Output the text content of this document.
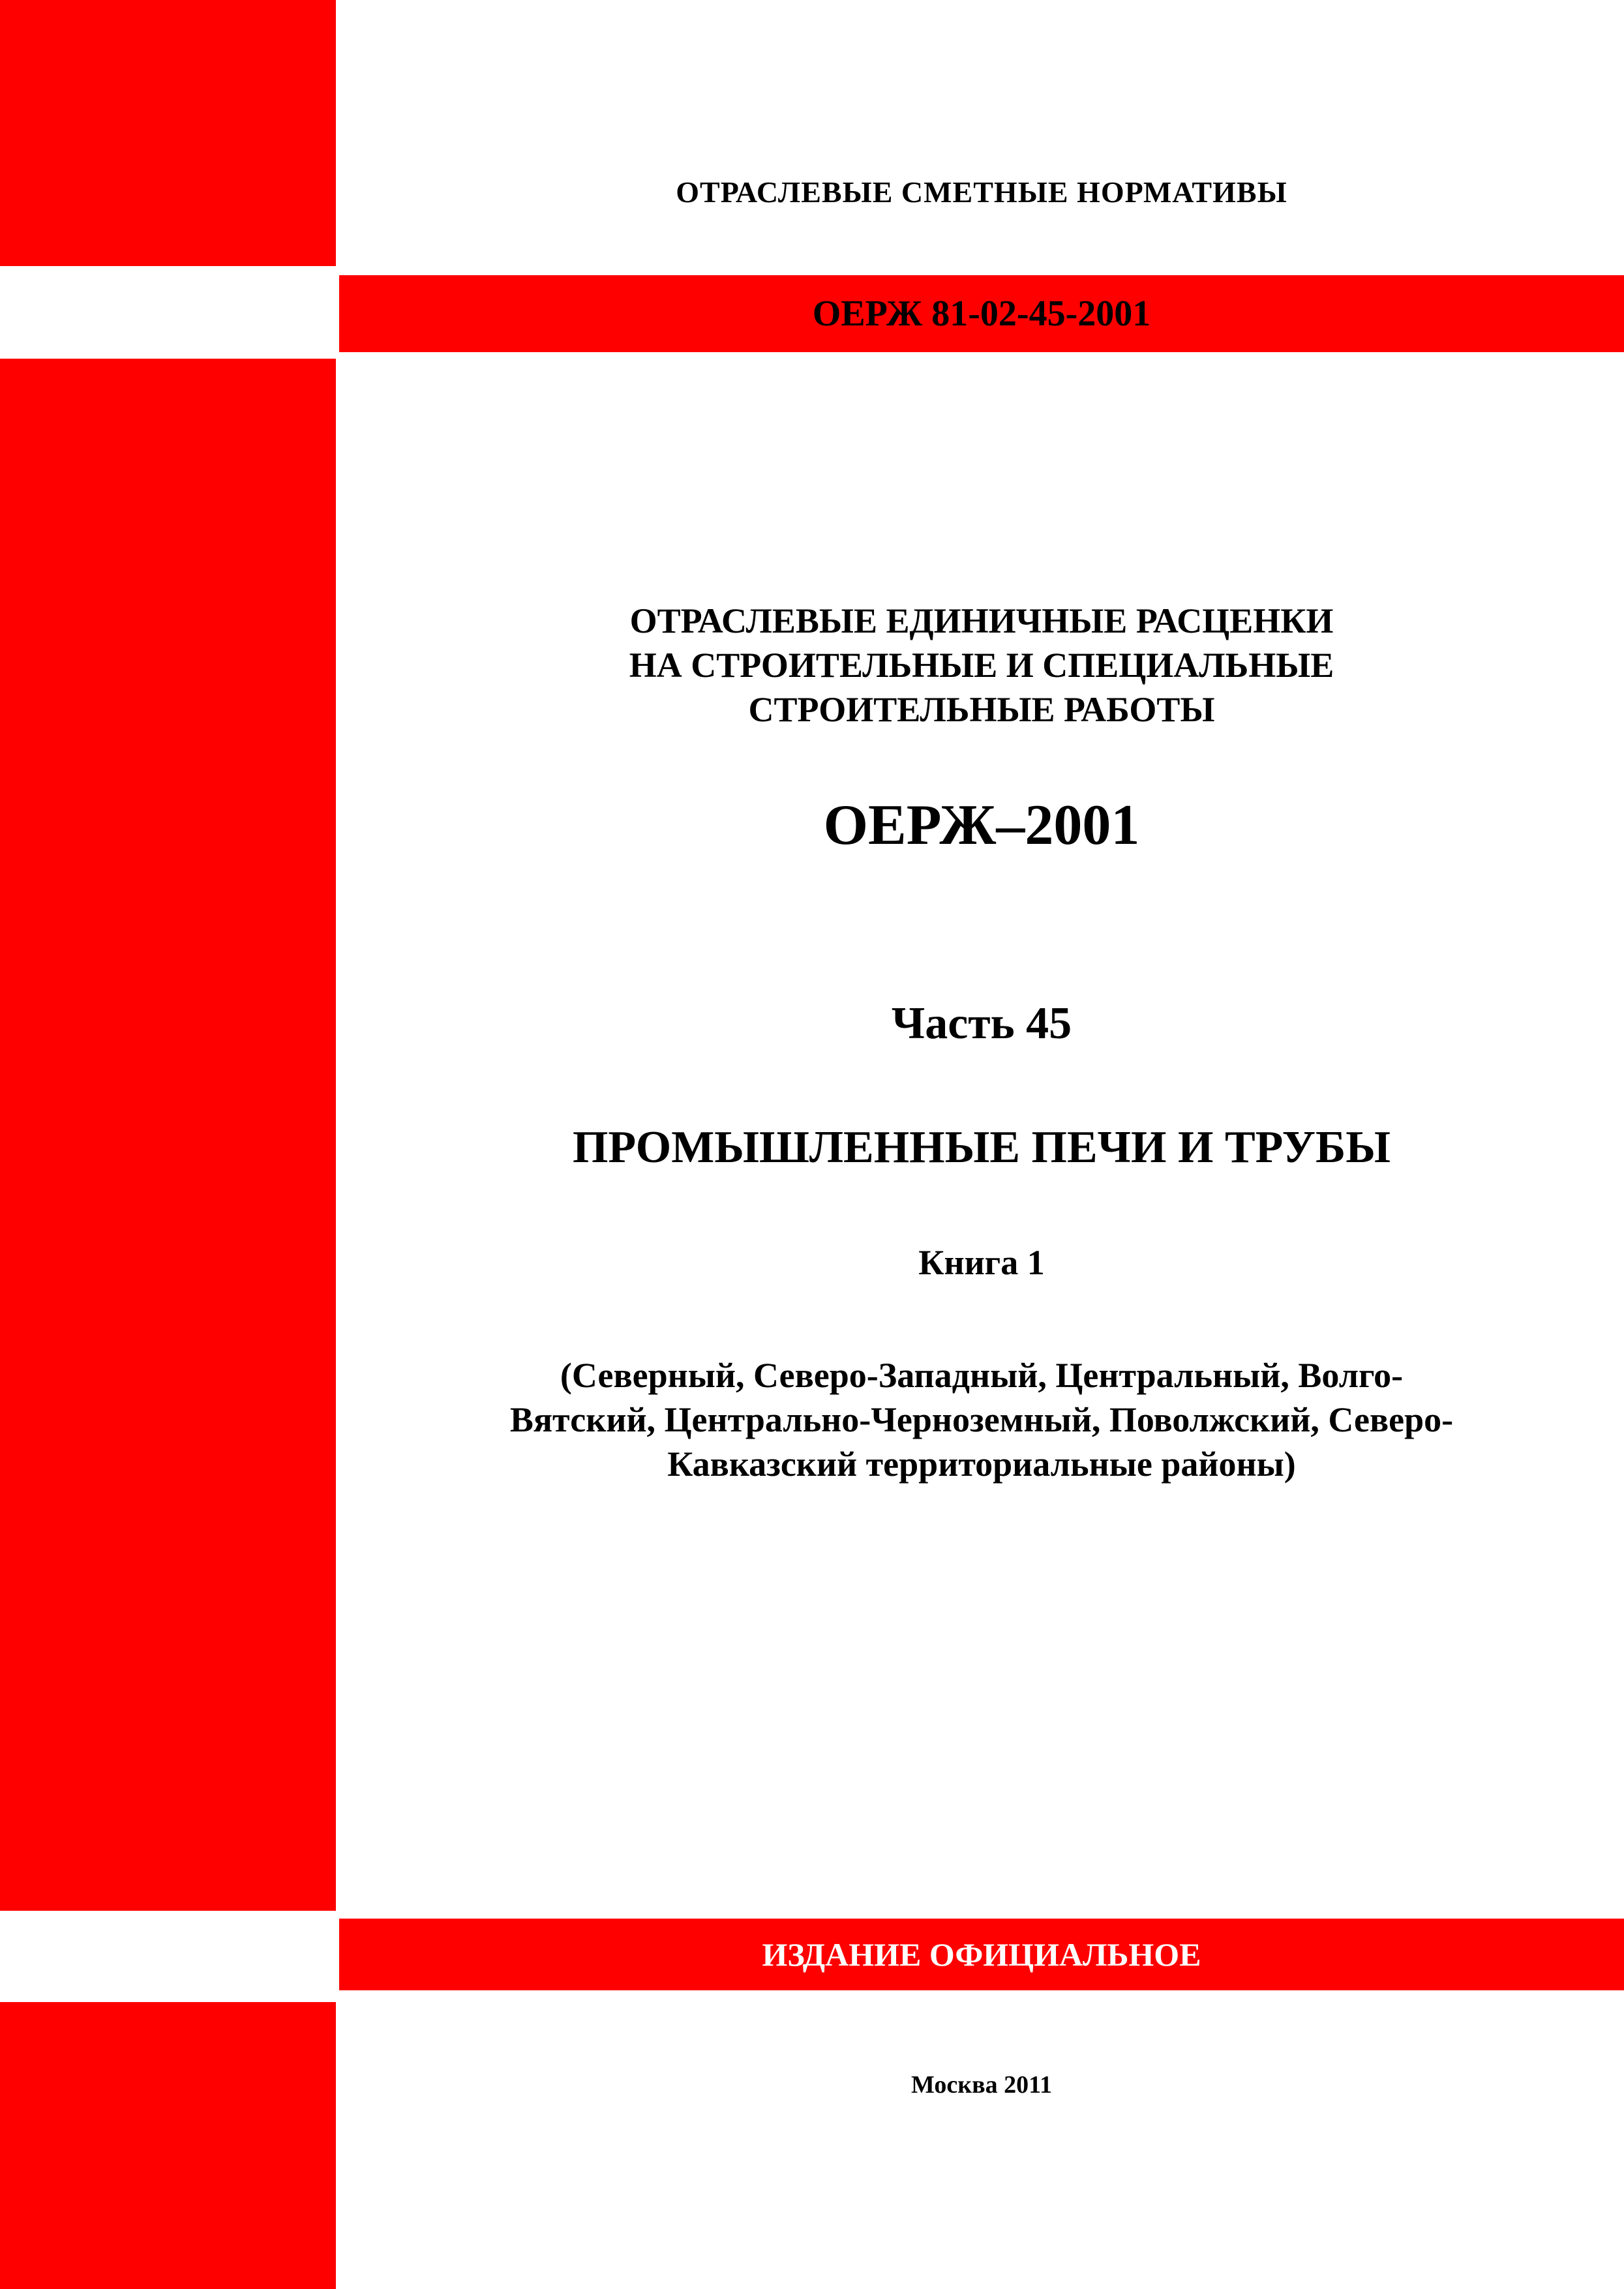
ОТРАСЛЕВЫЕ СМЕТНЫЕ НОРМАТИВЫ
ОЕРЖ 81-02-45-2001
ОТРАСЛЕВЫЕ ЕДИНИЧНЫЕ РАСЦЕНКИ
НА СТРОИТЕЛЬНЫЕ И СПЕЦИАЛЬНЫЕ
СТРОИТЕЛЬНЫЕ РАБОТЫ
ОЕРЖ–2001
Часть 45
ПРОМЫШЛЕННЫЕ ПЕЧИ И ТРУБЫ
Книга 1
(Северный, Северо-Западный, Центральный, Волго-
Вятский, Центрально-Черноземный, Поволжский, Северо-
Кавказский территориальные районы)
ИЗДАНИЕ ОФИЦИАЛЬНОЕ
Москва 2011
